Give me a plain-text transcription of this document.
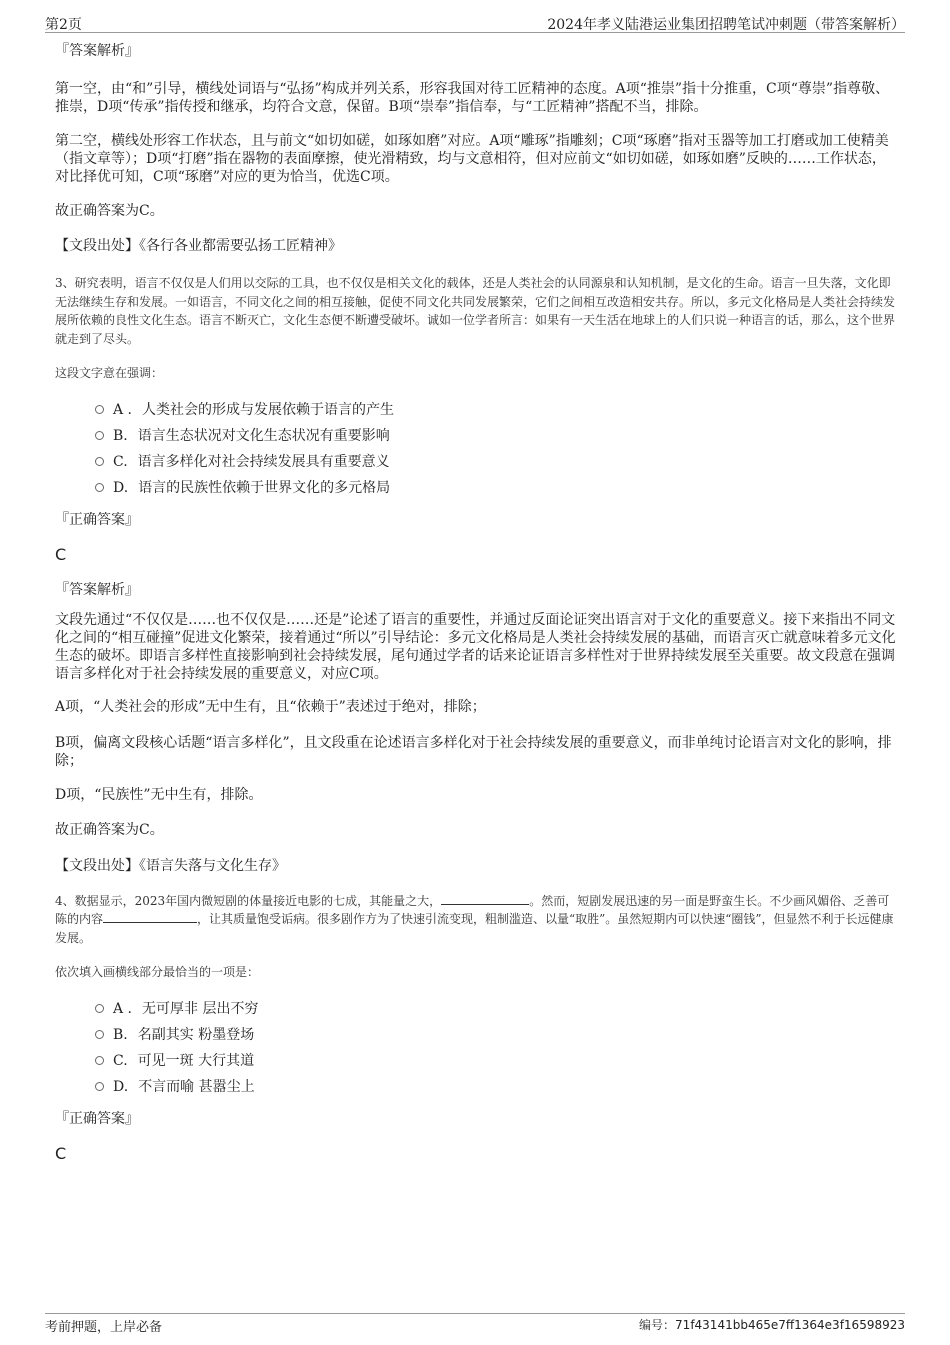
第2页	2024年孝义陆港运业集团招聘笔试冲刺题（带答案解析）

『答案解析』

第一空，由“和”引导，横线处词语与“弘扬”构成并列关系，形容我国对待工匠精神的态度。A项“推崇”指十分推重，C项“尊崇”指尊敬、推崇，D项“传承”指传授和继承，均符合文意，保留。B项“崇奉”指信奉，与“工匠精神”搭配不当，排除。

第二空，横线处形容工作状态，且与前文“如切如磋，如琢如磨”对应。A项“雕琢”指雕刻；C项“琢磨”指对玉器等加工打磨或加工使精美（指文章等）；D项“打磨”指在器物的表面摩擦，使光滑精致，均与文意相符，但对应前文“如切如磋，如琢如磨”反映的……工作状态，对比择优可知，C项“琢磨”对应的更为恰当，优选C项。

故正确答案为C。

【文段出处】《各行各业都需要弘扬工匠精神》

3、研究表明，语言不仅仅是人们用以交际的工具，也不仅仅是相关文化的载体，还是人类社会的认同源泉和认知机制，是文化的生命。语言一旦失落，文化即无法继续生存和发展。一如语言，不同文化之间的相互接触，促使不同文化共同发展繁荣，它们之间相互改造相安共存。所以，多元文化格局是人类社会持续发展所依赖的良性文化生态。语言不断灭亡，文化生态便不断遭受破坏。诚如一位学者所言：如果有一天生活在地球上的人们只说一种语言的话，那么，这个世界就走到了尽头。

这段文字意在强调：

A . 人类社会的形成与发展依赖于语言的产生
B. 语言生态状况对文化生态状况有重要影响
C. 语言多样化对社会持续发展具有重要意义
D. 语言的民族性依赖于世界文化的多元格局

『正确答案』

C

『答案解析』

文段先通过“不仅仅是……也不仅仅是……还是”论述了语言的重要性，并通过反面论证突出语言对于文化的重要意义。接下来指出不同文化之间的“相互碰撞”促进文化繁荣，接着通过“所以”引导结论：多元文化格局是人类社会持续发展的基础，而语言灭亡就意味着多元文化生态的破坏。即语言多样性直接影响到社会持续发展，尾句通过学者的话来论证语言多样性对于世界持续发展至关重要。故文段意在强调语言多样化对于社会持续发展的重要意义，对应C项。

A项，“人类社会的形成”无中生有，且“依赖于”表述过于绝对，排除；

B项，偏离文段核心话题“语言多样化”，且文段重在论述语言多样化对于社会持续发展的重要意义，而非单纯讨论语言对文化的影响，排除；

D项，“民族性”无中生有，排除。

故正确答案为C。

【文段出处】《语言失落与文化生存》

4、数据显示，2023年国内微短剧的体量接近电影的七成，其能量之大，	。然而，短剧发展迅速的另一面是野蛮生长。不少画风媚俗、乏善可陈的内容	，让其质量饱受诟病。很多剧作方为了快速引流变现，粗制滥造、以量“取胜”。虽然短期内可以快速“圈钱”，但显然不利于长远健康发展。

依次填入画横线部分最恰当的一项是：

A . 无可厚非 层出不穷
B. 名副其实 粉墨登场
C. 可见一斑 大行其道
D. 不言而喻 甚嚣尘上

『正确答案』

C

考前押题，上岸必备	编号：71f43141bb465e7ff1364e3f16598923
